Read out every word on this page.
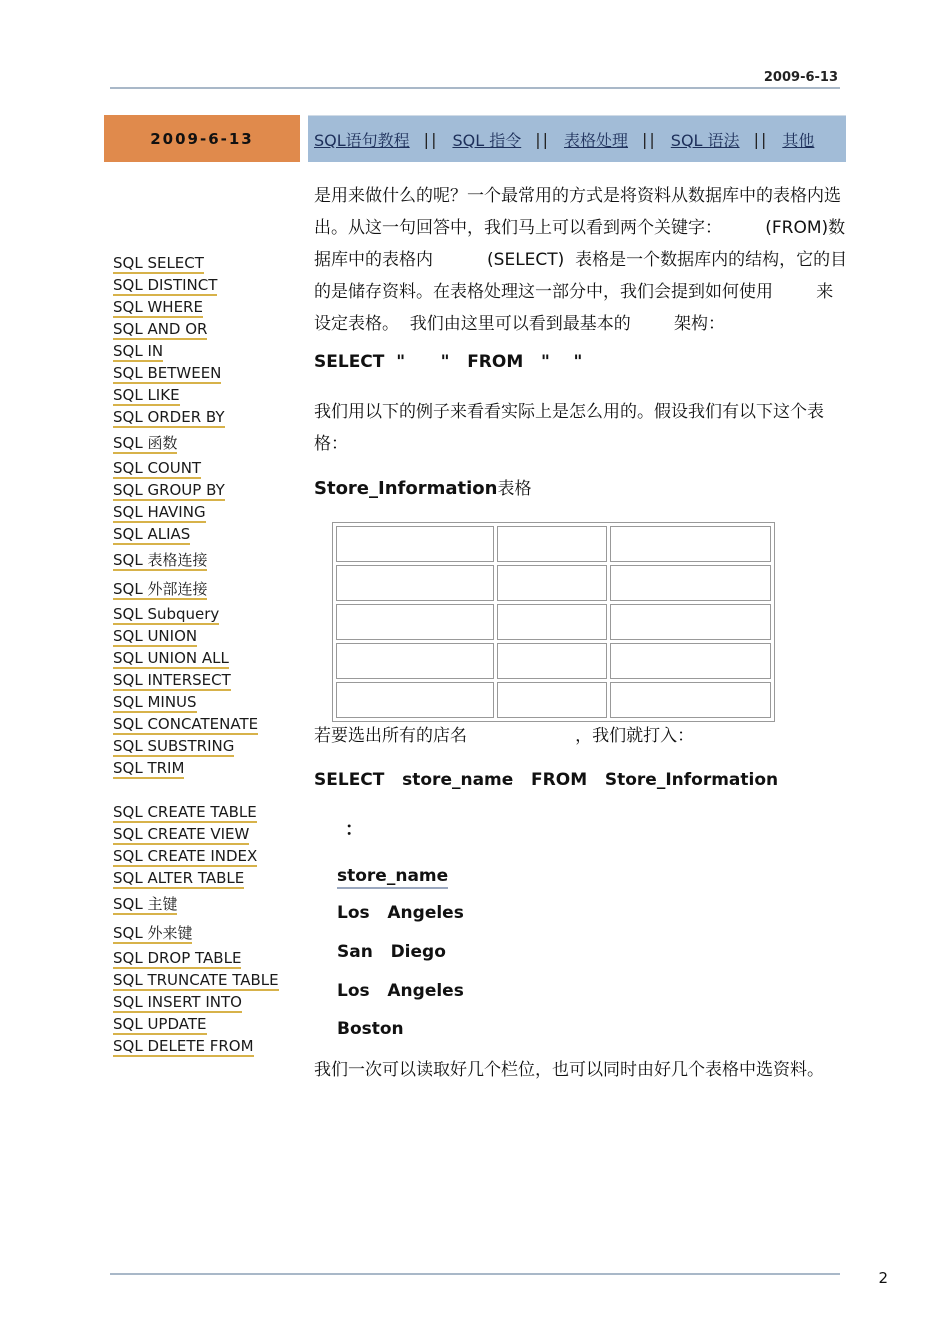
2009-6-13
2009-6-13	SQL语句教程 || SQL 指令 || 表格处理 || SQL 语法 || 其他
SQL SELECT
SQL DISTINCT
SQL WHERE
SQL AND OR
SQL IN
SQL BETWEEN
SQL LIKE
SQL ORDER BY
SQL 函数
SQL COUNT
SQL GROUP BY
SQL HAVING
SQL ALIAS
SQL 表格连接
SQL 外部连接
SQL Subquery
SQL UNION
SQL UNION ALL
SQL INTERSECT
SQL MINUS
SQL CONCATENATE
SQL SUBSTRING
SQL TRIM
SQL CREATE TABLE
SQL CREATE VIEW
SQL CREATE INDEX
SQL ALTER TABLE
SQL 主键
SQL 外来键
SQL DROP TABLE
SQL TRUNCATE TABLE
SQL INSERT INTO
SQL UPDATE
SQL DELETE FROM

是用来做什么的呢？一个最常用的方式是将资料从数据库中的表格内选

出。从这一句回答中，我们马上可以看到两个关键字：        (FROM)数

据库中的表格内          (SELECT)  表格是一个数据库内的结构，它的目

的是储存资料。在表格处理这一部分中，我们会提到如何使用        来

设定表格。  我们由这里可以看到最基本的        架构：

SELECT  "      "   FROM   "    "

我们用以下的例子来看看实际上是怎么用的。假设我们有以下这个表

格：

Store_Information表格

若要选出所有的店名                    ，我们就打入：
SELECT   store_name   FROM   Store_Information
：
store_name
Los   Angeles
San   Diego
Los   Angeles
Boston
我们一次可以读取好几个栏位，也可以同时由好几个表格中选资料。
2
